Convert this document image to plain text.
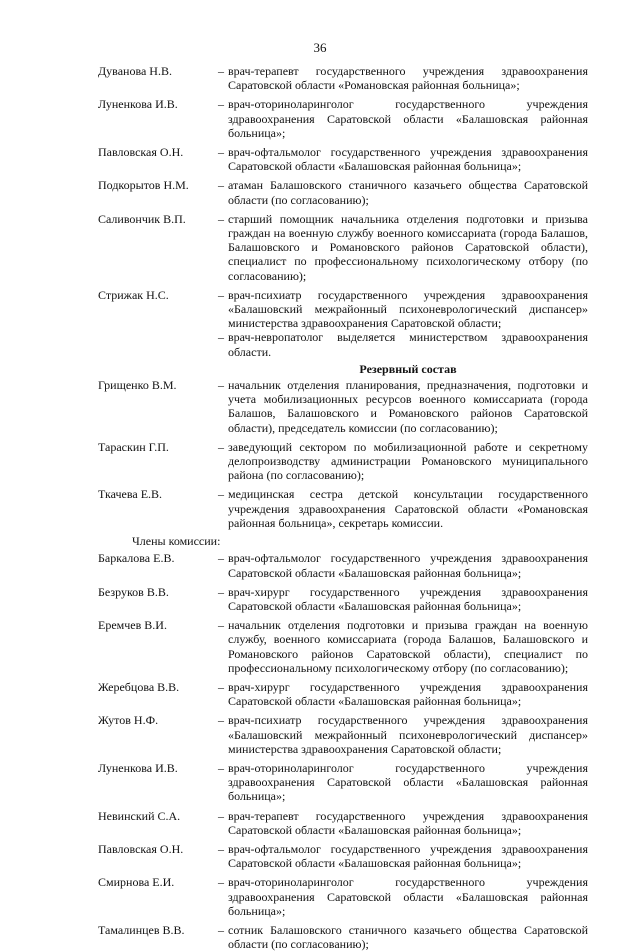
36
Дуванова Н.В.	– врач-терапевт государственного учреждения здравоохранения Саратовской области «Романовская районная больница»;
Луненкова И.В.	– врач-оториноларинголог государственного учреждения здравоохранения Саратовской области «Балашовская районная больница»;
Павловская О.Н.	– врач-офтальмолог государственного учреждения здравоохранения Саратовской области «Балашовская районная больница»;
Подкорытов Н.М.	– атаман Балашовского станичного казачьего общества Саратовской области (по согласованию);
Саливончик В.П.	– старший помощник начальника отделения подготовки и призыва граждан на военную службу военного комиссариата (города Балашов, Балашовского и Романовского районов Саратовской области), специалист по профессиональному психологическому отбору (по согласованию);
Стрижак Н.С.	– врач-психиатр государственного учреждения здравоохранения «Балашовский межрайонный психоневрологический диспансер» министерства здравоохранения Саратовской области;
– врач-невропатолог выделяется министерством здравоохранения области.
Резервный состав
Грищенко В.М.	– начальник отделения планирования, предназначения, подготовки и учета мобилизационных ресурсов военного комиссариата (города Балашов, Балашовского и Романовского районов Саратовской области), председатель комиссии (по согласованию);
Тараскин Г.П.	– заведующий сектором по мобилизационной работе и секретному делопроизводству администрации Романовского муниципального района (по согласованию);
Ткачева Е.В.	– медицинская сестра детской консультации государственного учреждения здравоохранения Саратовской области «Романовская районная больница», секретарь комиссии.
Члены комиссии:
Баркалова Е.В.	– врач-офтальмолог государственного учреждения здравоохранения Саратовской области «Балашовская районная больница»;
Безруков В.В.	– врач-хирург государственного учреждения здравоохранения Саратовской области «Балашовская районная больница»;
Еремчев В.И.	– начальник отделения подготовки и призыва граждан на военную службу, военного комиссариата (города Балашов, Балашовского и Романовского районов Саратовской области), специалист по профессиональному психологическому отбору (по согласованию);
Жеребцова В.В.	– врач-хирург государственного учреждения здравоохранения Саратовской области «Балашовская районная больница»;
Жутов Н.Ф.	– врач-психиатр государственного учреждения здравоохранения «Балашовский межрайонный психоневрологический диспансер» министерства здравоохранения Саратовской области;
Луненкова И.В.	– врач-оториноларинголог государственного учреждения здравоохранения Саратовской области «Балашовская районная больница»;
Невинский С.А.	– врач-терапевт государственного учреждения здравоохранения Саратовской области «Балашовская районная больница»;
Павловская О.Н.	– врач-офтальмолог государственного учреждения здравоохранения Саратовской области «Балашовская районная больница»;
Смирнова Е.И.	– врач-оториноларинголог государственного учреждения здравоохранения Саратовской области «Балашовская районная больница»;
Тамалинцев В.В.	– сотник Балашовского станичного казачьего общества Саратовской области (по согласованию);
